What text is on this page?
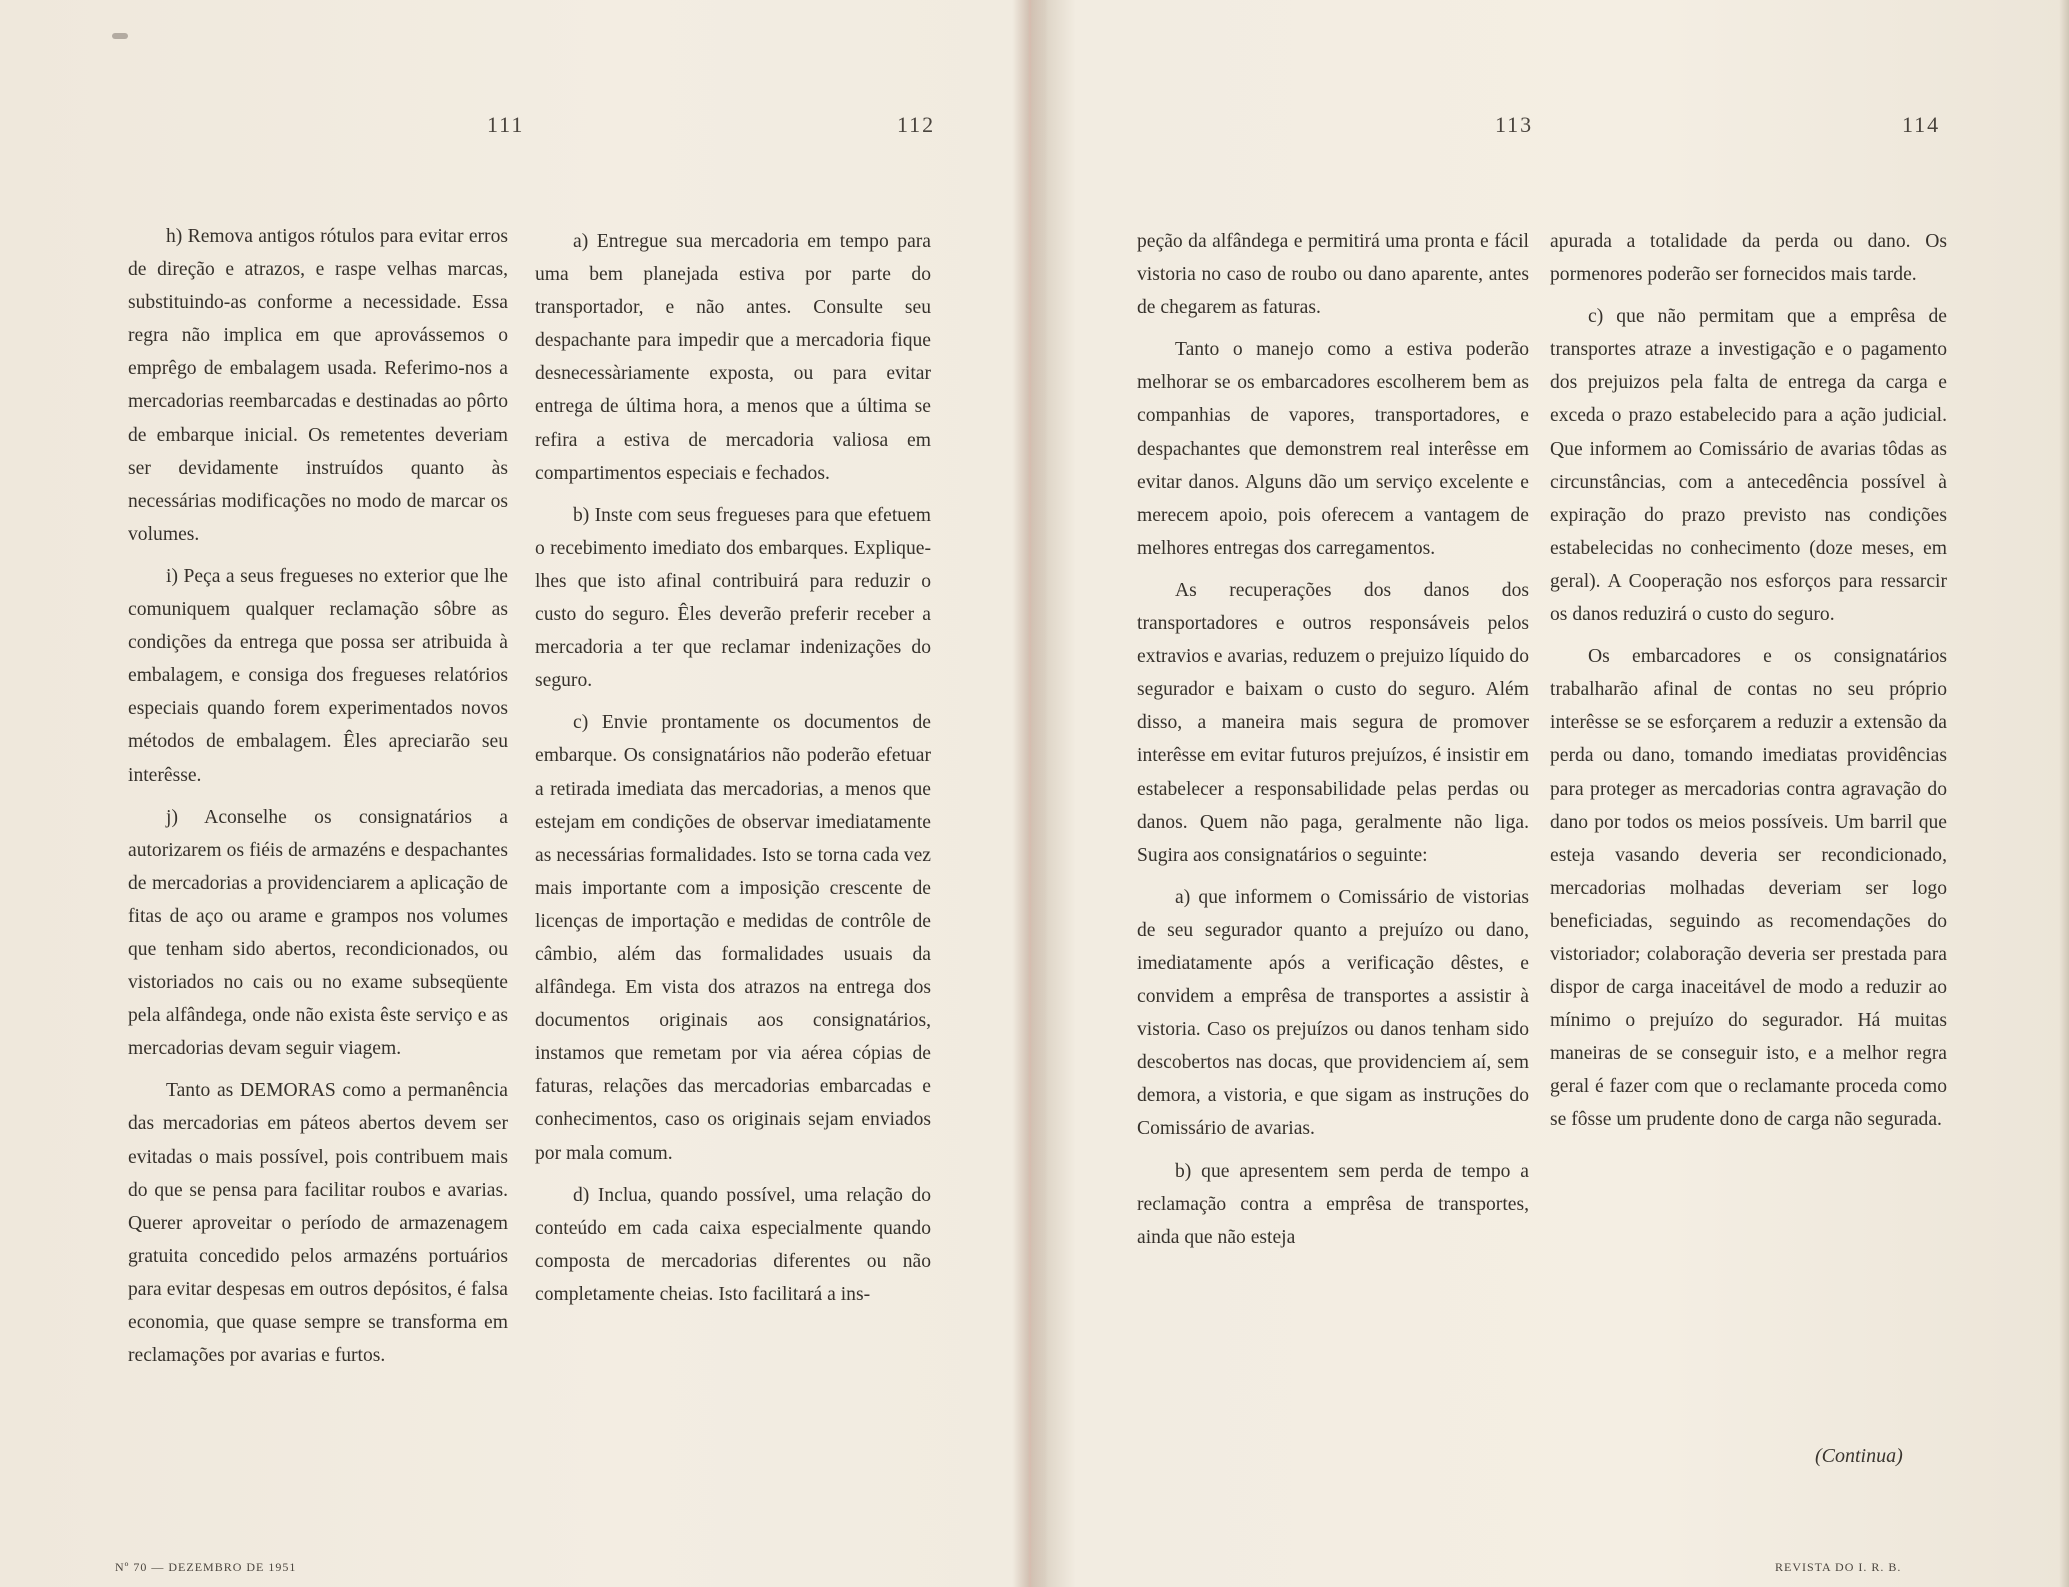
111	112	113	114

h) Remova antigos rótulos para evitar erros de direção e atrazos, e raspe velhas marcas, substituindo-as conforme a necessidade. Essa regra não implica em que aprovássemos o emprêgo de embalagem usada. Referimo-nos a mercadorias reembarcadas e destinadas ao pôrto de embarque inicial. Os remetentes deveriam ser devidamente instruídos quanto às necessárias modificações no modo de marcar os volumes.

i) Peça a seus fregueses no exterior que lhe comuniquem qualquer reclamação sôbre as condições da entrega que possa ser atribuida à embalagem, e consiga dos fregueses relatórios especiais quando forem experimentados novos métodos de embalagem. Êles apreciarão seu interêsse.

j) Aconselhe os consignatários a autorizarem os fiéis de armazéns e despachantes de mercadorias a providenciarem a aplicação de fitas de aço ou arame e grampos nos volumes que tenham sido abertos, recondicionados, ou vistoriados no cais ou no exame subseqüente pela alfândega, onde não exista êste serviço e as mercadorias devam seguir viagem.

Tanto as DEMORAS como a permanência das mercadorias em páteos abertos devem ser evitadas o mais possível, pois contribuem mais do que se pensa para facilitar roubos e avarias. Querer aproveitar o período de armazenagem gratuita concedido pelos armazéns portuários para evitar despesas em outros depósitos, é falsa economia, que quase sempre se transforma em reclamações por avarias e furtos.

a) Entregue sua mercadoria em tempo para uma bem planejada estiva por parte do transportador, e não antes. Consulte seu despachante para impedir que a mercadoria fique desnecessàriamente exposta, ou para evitar entrega de última hora, a menos que a última se refira a estiva de mercadoria valiosa em compartimentos especiais e fechados.

b) Inste com seus fregueses para que efetuem o recebimento imediato dos embarques. Explique-lhes que isto afinal contribuirá para reduzir o custo do seguro. Êles deverão preferir receber a mercadoria a ter que reclamar indenizações do seguro.

c) Envie prontamente os documentos de embarque. Os consignatários não poderão efetuar a retirada imediata das mercadorias, a menos que estejam em condições de observar imediatamente as necessárias formalidades. Isto se torna cada vez mais importante com a imposição crescente de licenças de importação e medidas de contrôle de câmbio, além das formalidades usuais da alfândega. Em vista dos atrazos na entrega dos documentos originais aos consignatários, instamos que remetam por via aérea cópias de faturas, relações das mercadorias embarcadas e conhecimentos, caso os originais sejam enviados por mala comum.

d) Inclua, quando possível, uma relação do conteúdo em cada caixa especialmente quando composta de mercadorias diferentes ou não completamente cheias. Isto facilitará a ins-

peção da alfândega e permitirá uma pronta e fácil vistoria no caso de roubo ou dano aparente, antes de chegarem as faturas.

Tanto o manejo como a estiva poderão melhorar se os embarcadores escolherem bem as companhias de vapores, transportadores, e despachantes que demonstrem real interêsse em evitar danos. Alguns dão um serviço excelente e merecem apoio, pois oferecem a vantagem de melhores entregas dos carregamentos.

As recuperações dos danos dos transportadores e outros responsáveis pelos extravios e avarias, reduzem o prejuizo líquido do segurador e baixam o custo do seguro. Além disso, a maneira mais segura de promover interêsse em evitar futuros prejuízos, é insistir em estabelecer a responsabilidade pelas perdas ou danos. Quem não paga, geralmente não liga. Sugira aos consignatários o seguinte:

a) que informem o Comissário de vistorias de seu segurador quanto a prejuízo ou dano, imediatamente após a verificação dêstes, e convidem a emprêsa de transportes a assistir à vistoria. Caso os prejuízos ou danos tenham sido descobertos nas docas, que providenciem aí, sem demora, a vistoria, e que sigam as instruções do Comissário de avarias.

b) que apresentem sem perda de tempo a reclamação contra a emprêsa de transportes, ainda que não esteja

apurada a totalidade da perda ou dano. Os pormenores poderão ser fornecidos mais tarde.

c) que não permitam que a emprêsa de transportes atraze a investigação e o pagamento dos prejuizos pela falta de entrega da carga e exceda o prazo estabelecido para a ação judicial. Que informem ao Comissário de avarias tôdas as circunstâncias, com a antecedência possível à expiração do prazo previsto nas condições estabelecidas no conhecimento (doze meses, em geral). A Cooperação nos esforços para ressarcir os danos reduzirá o custo do seguro.

Os embarcadores e os consignatários trabalharão afinal de contas no seu próprio interêsse se se esforçarem a reduzir a extensão da perda ou dano, tomando imediatas providências para proteger as mercadorias contra agravação do dano por todos os meios possíveis. Um barril que esteja vasando deveria ser recondicionado, mercadorias molhadas deveriam ser logo beneficiadas, seguindo as recomendações do vistoriador; colaboração deveria ser prestada para dispor de carga inaceitável de modo a reduzir ao mínimo o prejuízo do segurador. Há muitas maneiras de se conseguir isto, e a melhor regra geral é fazer com que o reclamante proceda como se fôsse um prudente dono de carga não segurada.

(Continua)
Nº 70 — DEZEMBRO DE 1951	REVISTA DO I. R. B.
